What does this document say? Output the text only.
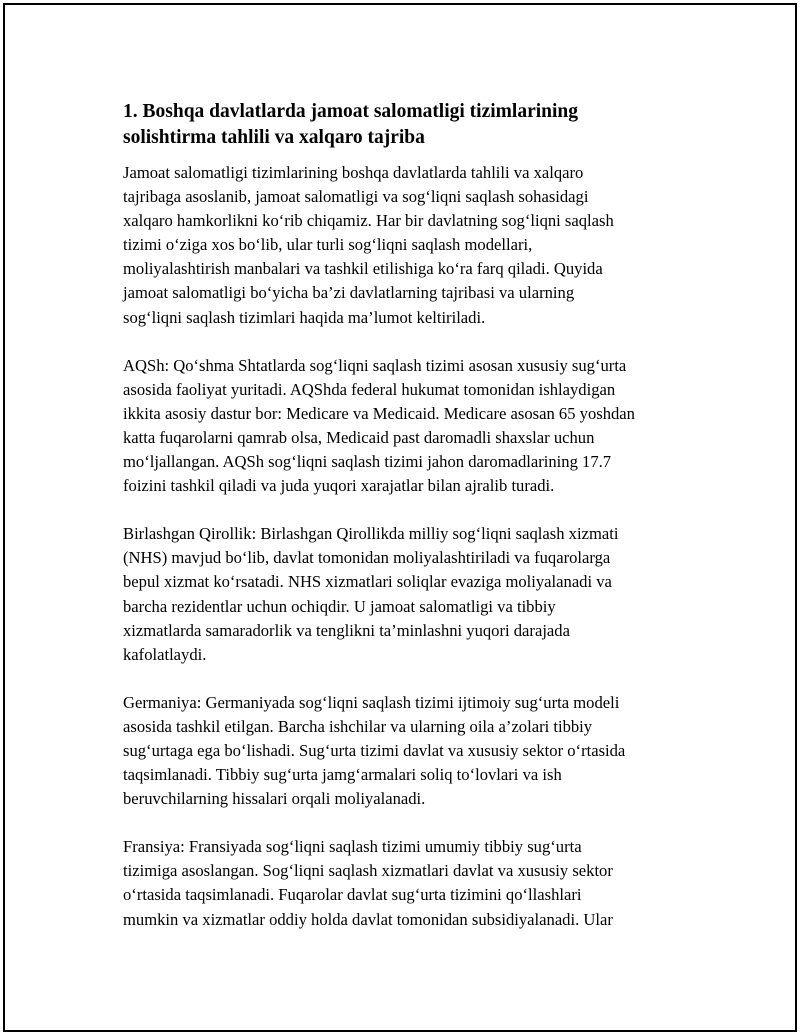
1. Boshqa davlatlarda jamoat salomatligi tizimlarining
solishtirma tahlili va xalqaro tajriba

Jamoat salomatligi tizimlarining boshqa davlatlarda tahlili va xalqaro
tajribaga asoslanib, jamoat salomatligi va sog‘liqni saqlash sohasidagi
xalqaro hamkorlikni ko‘rib chiqamiz. Har bir davlatning sog‘liqni saqlash
tizimi o‘ziga xos bo‘lib, ular turli sog‘liqni saqlash modellari,
moliyalashtirish manbalari va tashkil etilishiga ko‘ra farq qiladi. Quyida
jamoat salomatligi bo‘yicha ba’zi davlatlarning tajribasi va ularning
sog‘liqni saqlash tizimlari haqida ma’lumot keltiriladi.

AQSh: Qo‘shma Shtatlarda sog‘liqni saqlash tizimi asosan xususiy sug‘urta
asosida faoliyat yuritadi. AQShda federal hukumat tomonidan ishlaydigan
ikkita asosiy dastur bor: Medicare va Medicaid. Medicare asosan 65 yoshdan
katta fuqarolarni qamrab olsa, Medicaid past daromadli shaxslar uchun
mo‘ljallangan. AQSh sog‘liqni saqlash tizimi jahon daromadlarining 17.7
foizini tashkil qiladi va juda yuqori xarajatlar bilan ajralib turadi.

Birlashgan Qirollik: Birlashgan Qirollikda milliy sog‘liqni saqlash xizmati
(NHS) mavjud bo‘lib, davlat tomonidan moliyalashtiriladi va fuqarolarga
bepul xizmat ko‘rsatadi. NHS xizmatlari soliqlar evaziga moliyalanadi va
barcha rezidentlar uchun ochiqdir. U jamoat salomatligi va tibbiy
xizmatlarda samaradorlik va tenglikni ta’minlashni yuqori darajada
kafolatlaydi.

Germaniya: Germaniyada sog‘liqni saqlash tizimi ijtimoiy sug‘urta modeli
asosida tashkil etilgan. Barcha ishchilar va ularning oila a’zolari tibbiy
sug‘urtaga ega bo‘lishadi. Sug‘urta tizimi davlat va xususiy sektor o‘rtasida
taqsimlanadi. Tibbiy sug‘urta jamg‘armalari soliq to‘lovlari va ish
beruvchilarning hissalari orqali moliyalanadi.

Fransiya: Fransiyada sog‘liqni saqlash tizimi umumiy tibbiy sug‘urta
tizimiga asoslangan. Sog‘liqni saqlash xizmatlari davlat va xususiy sektor
o‘rtasida taqsimlanadi. Fuqarolar davlat sug‘urta tizimini qo‘llashlari
mumkin va xizmatlar oddiy holda davlat tomonidan subsidiyalanadi. Ular
